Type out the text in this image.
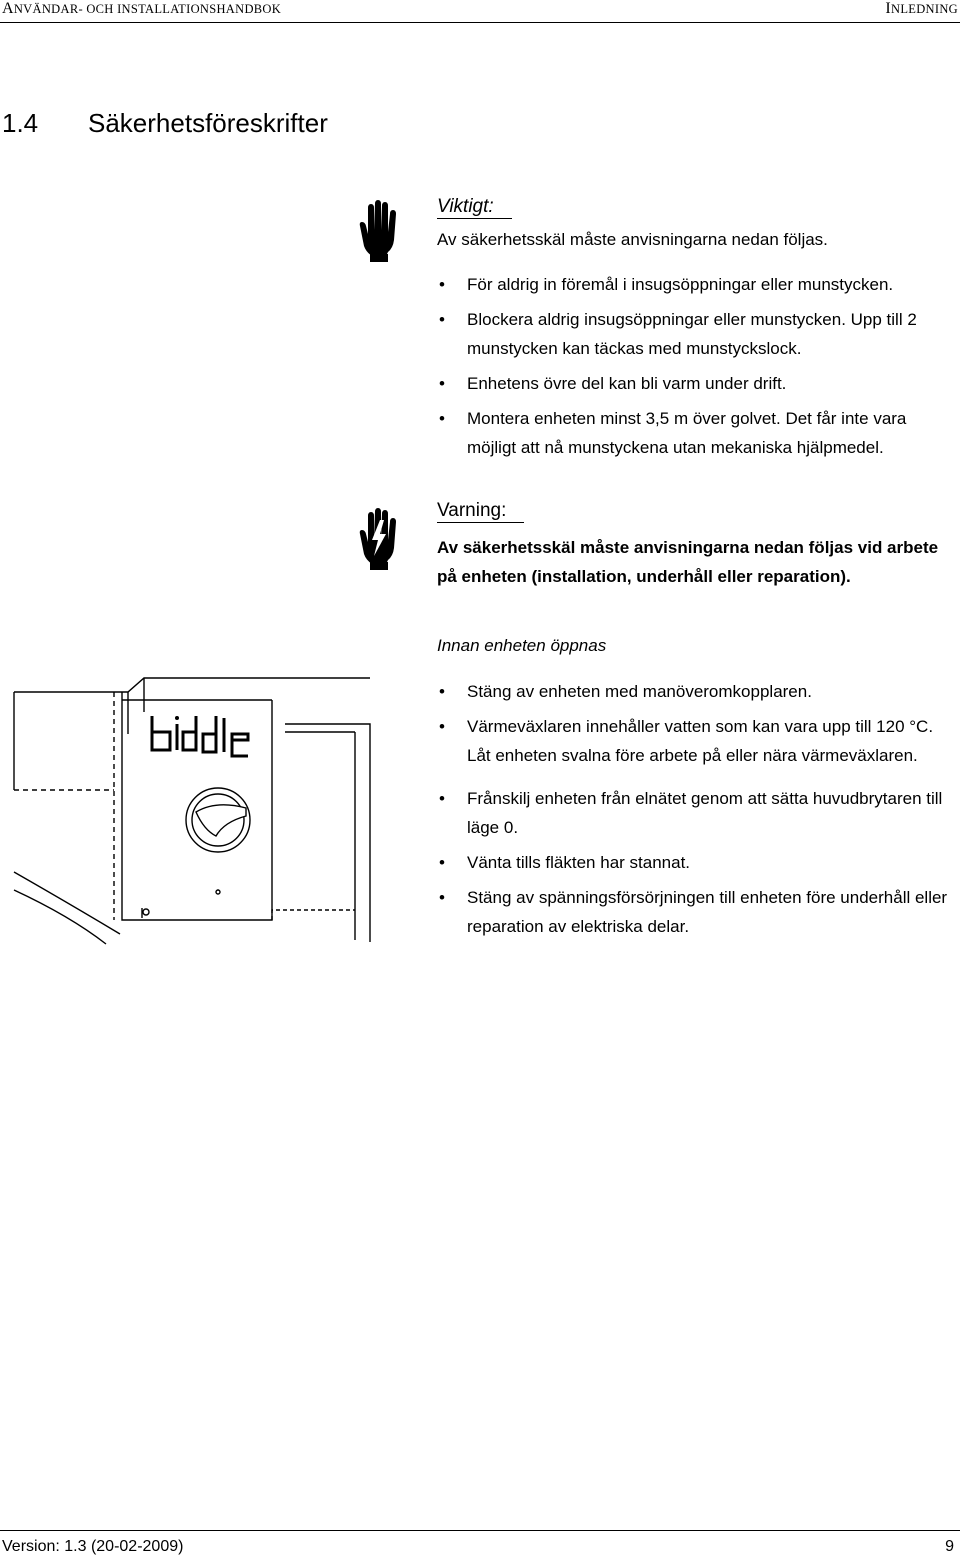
ANVÄNDAR- OCH INSTALLATIONSHANDBOK	INLEDNING
1.4 Säkerhetsföreskrifter
Viktigt:
Av säkerhetsskäl måste anvisningarna nedan följas.
• För aldrig in föremål i insugsöppningar eller munstycken.
• Blockera aldrig insugsöppningar eller munstycken. Upp till 2 munstycken kan täckas med munstyckslock.
• Enhetens övre del kan bli varm under drift.
• Montera enheten minst 3,5 m över golvet. Det får inte vara möjligt att nå munstyckena utan mekaniska hjälpmedel.
Varning:
Av säkerhetsskäl måste anvisningarna nedan följas vid arbete på enheten (installation, underhåll eller reparation).
Innan enheten öppnas
• Stäng av enheten med manöveromkopplaren.
• Värmeväxlaren innehåller vatten som kan vara upp till 120 °C. Låt enheten svalna före arbete på eller nära värmeväxlaren.
• Frånskilj enheten från elnätet genom att sätta huvudbrytaren till läge 0.
• Vänta tills fläkten har stannat.
• Stäng av spänningsförsörjningen till enheten före underhåll eller reparation av elektriska delar.
Version: 1.3 (20-02-2009)	9
